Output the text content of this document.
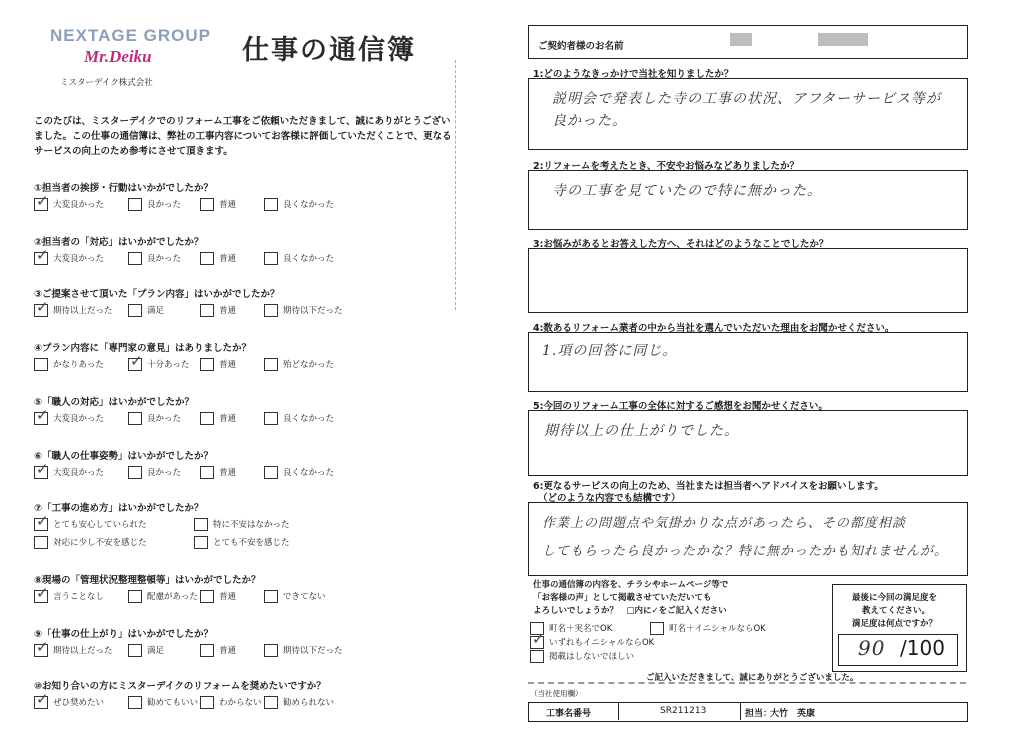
NEXTAGE GROUP
Mr.Deiku	仕事の通信簿
ミスターデイク株式会社
このたびは、ミスターデイクでのリフォーム工事をご依頼いただきまして、誠にありがとうございました。この仕事の通信簿は、弊社の工事内容についてお客様に評価していただくことで、更なるサービスの向上のため参考にさせて頂きます。
①担当者の挨拶・行動はいかがでしたか？
✓大変良かった	良かった	普通	良くなかった
②担当者の「対応」はいかがでしたか？
✓大変良かった	良かった	普通	良くなかった
③ご提案させて頂いた「プラン内容」はいかがでしたか？
✓期待以上だった	満足	普通	期待以下だった
④プラン内容に「専門家の意見」はありましたか？
かなりあった
✓	十分あった	普通	殆どなかった
⑤「職人の対応」はいかがでしたか？
✓大変良かった	良かった	普通	良くなかった
⑥「職人の仕事姿勢」はいかがでしたか？
✓大変良かった	良かった	普通	良くなかった
⑦「工事の進め方」はいかがでしたか？
✓とても安心していられた	特に不安はなかった
対応に少し不安を感じた	とても不安を感じた
⑧現場の「管理状況整理整頓等」はいかがでしたか？
✓言うことなし	配慮があった	普通	できてない
⑨「仕事の仕上がり」はいかがでしたか？
✓期待以上だった	満足	普通	期待以下だった
⑩お知り合いの方にミスターデイクのリフォームを奨めたいですか？
✓ぜひ奨めたい	勧めてもいい	わからない	勧められない
ご契約者様のお名前
1:どのようなきっかけで当社を知りましたか？
説明会で発表した寺の工事の状況、アフターサービス等が良かった。
2:リフォームを考えたとき、不安やお悩みなどありましたか？
寺の工事を見ていたので特に無かった。
3:お悩みがあるとお答えした方へ、それはどのようなことでしたか？
4:数あるリフォーム業者の中から当社を選んでいただいた理由をお聞かせください。
1.項の回答に同じ。
5:今回のリフォーム工事の全体に対するご感想をお聞かせください。
期待以上の仕上がりでした。
6:更なるサービスの向上のため、当社または担当者へアドバイスをお願いします。
（どのような内容でも結構です）
作業上の問題点や気掛かりな点があったら、その都度相談
してもらったら良かったかな？特に無かったかも知れませんが。
仕事の通信簿の内容を、チラシやホームページ等で
「お客様の声」として掲載させていただいても
よろしいでしょうか？　□内に✓をご記入ください
町名＋実名でOK	町名＋イニシャルならOK
✓いずれもイニシャルならOK
掲載はしないでほしい
最後に今回の満足度を
教えてください。
満足度は何点ですか？
90 /100
ご記入いただきまして、誠にありがとうございました。
（当社使用欄）
工事名番号	SR211213	担当：
大竹　英康
